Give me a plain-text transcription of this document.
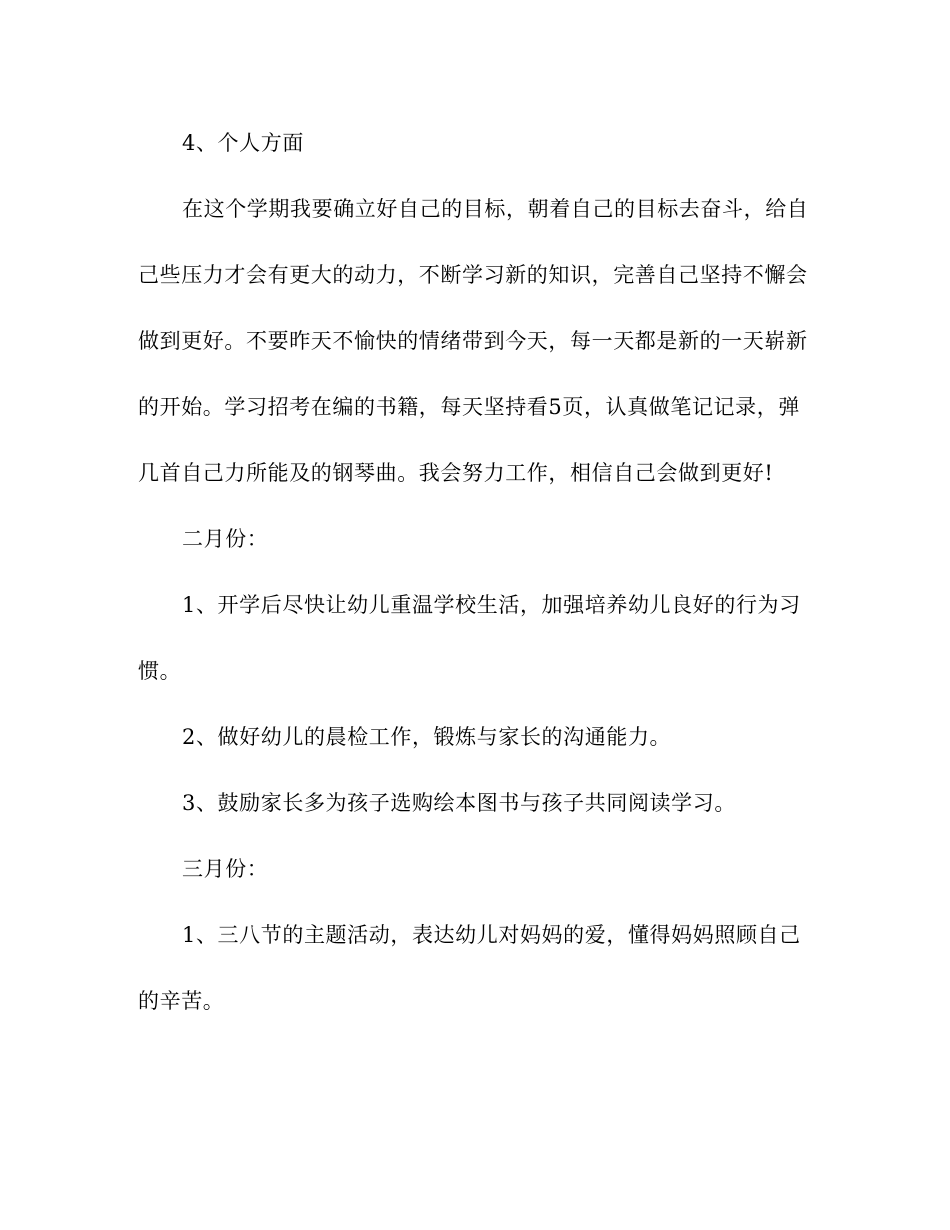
4、个人方面

在这个学期我要确立好自己的目标，朝着自己的目标去奋斗，给自己些压力才会有更大的动力，不断学习新的知识，完善自己坚持不懈会做到更好。不要昨天不愉快的情绪带到今天，每一天都是新的一天崭新的开始。学习招考在编的书籍，每天坚持看5页，认真做笔记记录，弹几首自己力所能及的钢琴曲。我会努力工作，相信自己会做到更好!

二月份：

1、开学后尽快让幼儿重温学校生活，加强培养幼儿良好的行为习惯。

2、做好幼儿的晨检工作，锻炼与家长的沟通能力。

3、鼓励家长多为孩子选购绘本图书与孩子共同阅读学习。

三月份：

1、三八节的主题活动，表达幼儿对妈妈的爱，懂得妈妈照顾自己的辛苦。
